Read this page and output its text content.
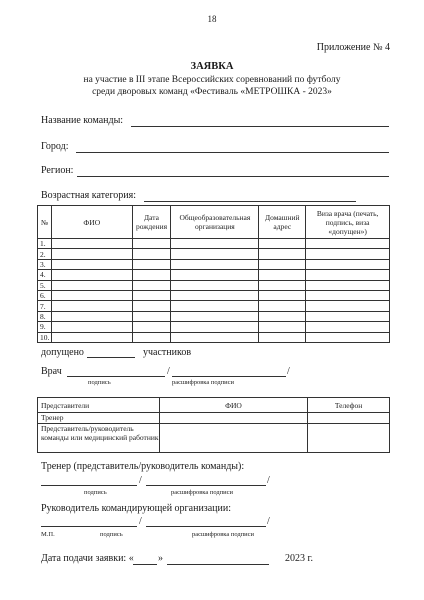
18
Приложение № 4
ЗАЯВКА
на участие в III этапе Всероссийских соревнований по футболу
среди дворовых команд «Фестиваль «МЕТРОШКА - 2023»
Название команды:
Город:
Регион:
Возрастная категория:
№	ФИО	Дата рождения	Общеобразовательная организация	Домашний адрес	Виза врача (печать, подпись, виза «допущен»)
1.					
2.					
3.					
4.					
5.					
6.					
7.					
8.					
9.					
10.					
допущено	участников
Врач	/	/
подпись	расшифровка подписи
Представители	ФИО	Телефон
Тренер		
Представитель/руководитель команды или медицинский работник		
Тренер (представитель/руководитель команды):
/	/
подпись	расшифровка подписи
Руководитель командирующей организации:
/	/
М.П.	подпись	расшифровка подписи
Дата подачи заявки: « »	2023 г.
